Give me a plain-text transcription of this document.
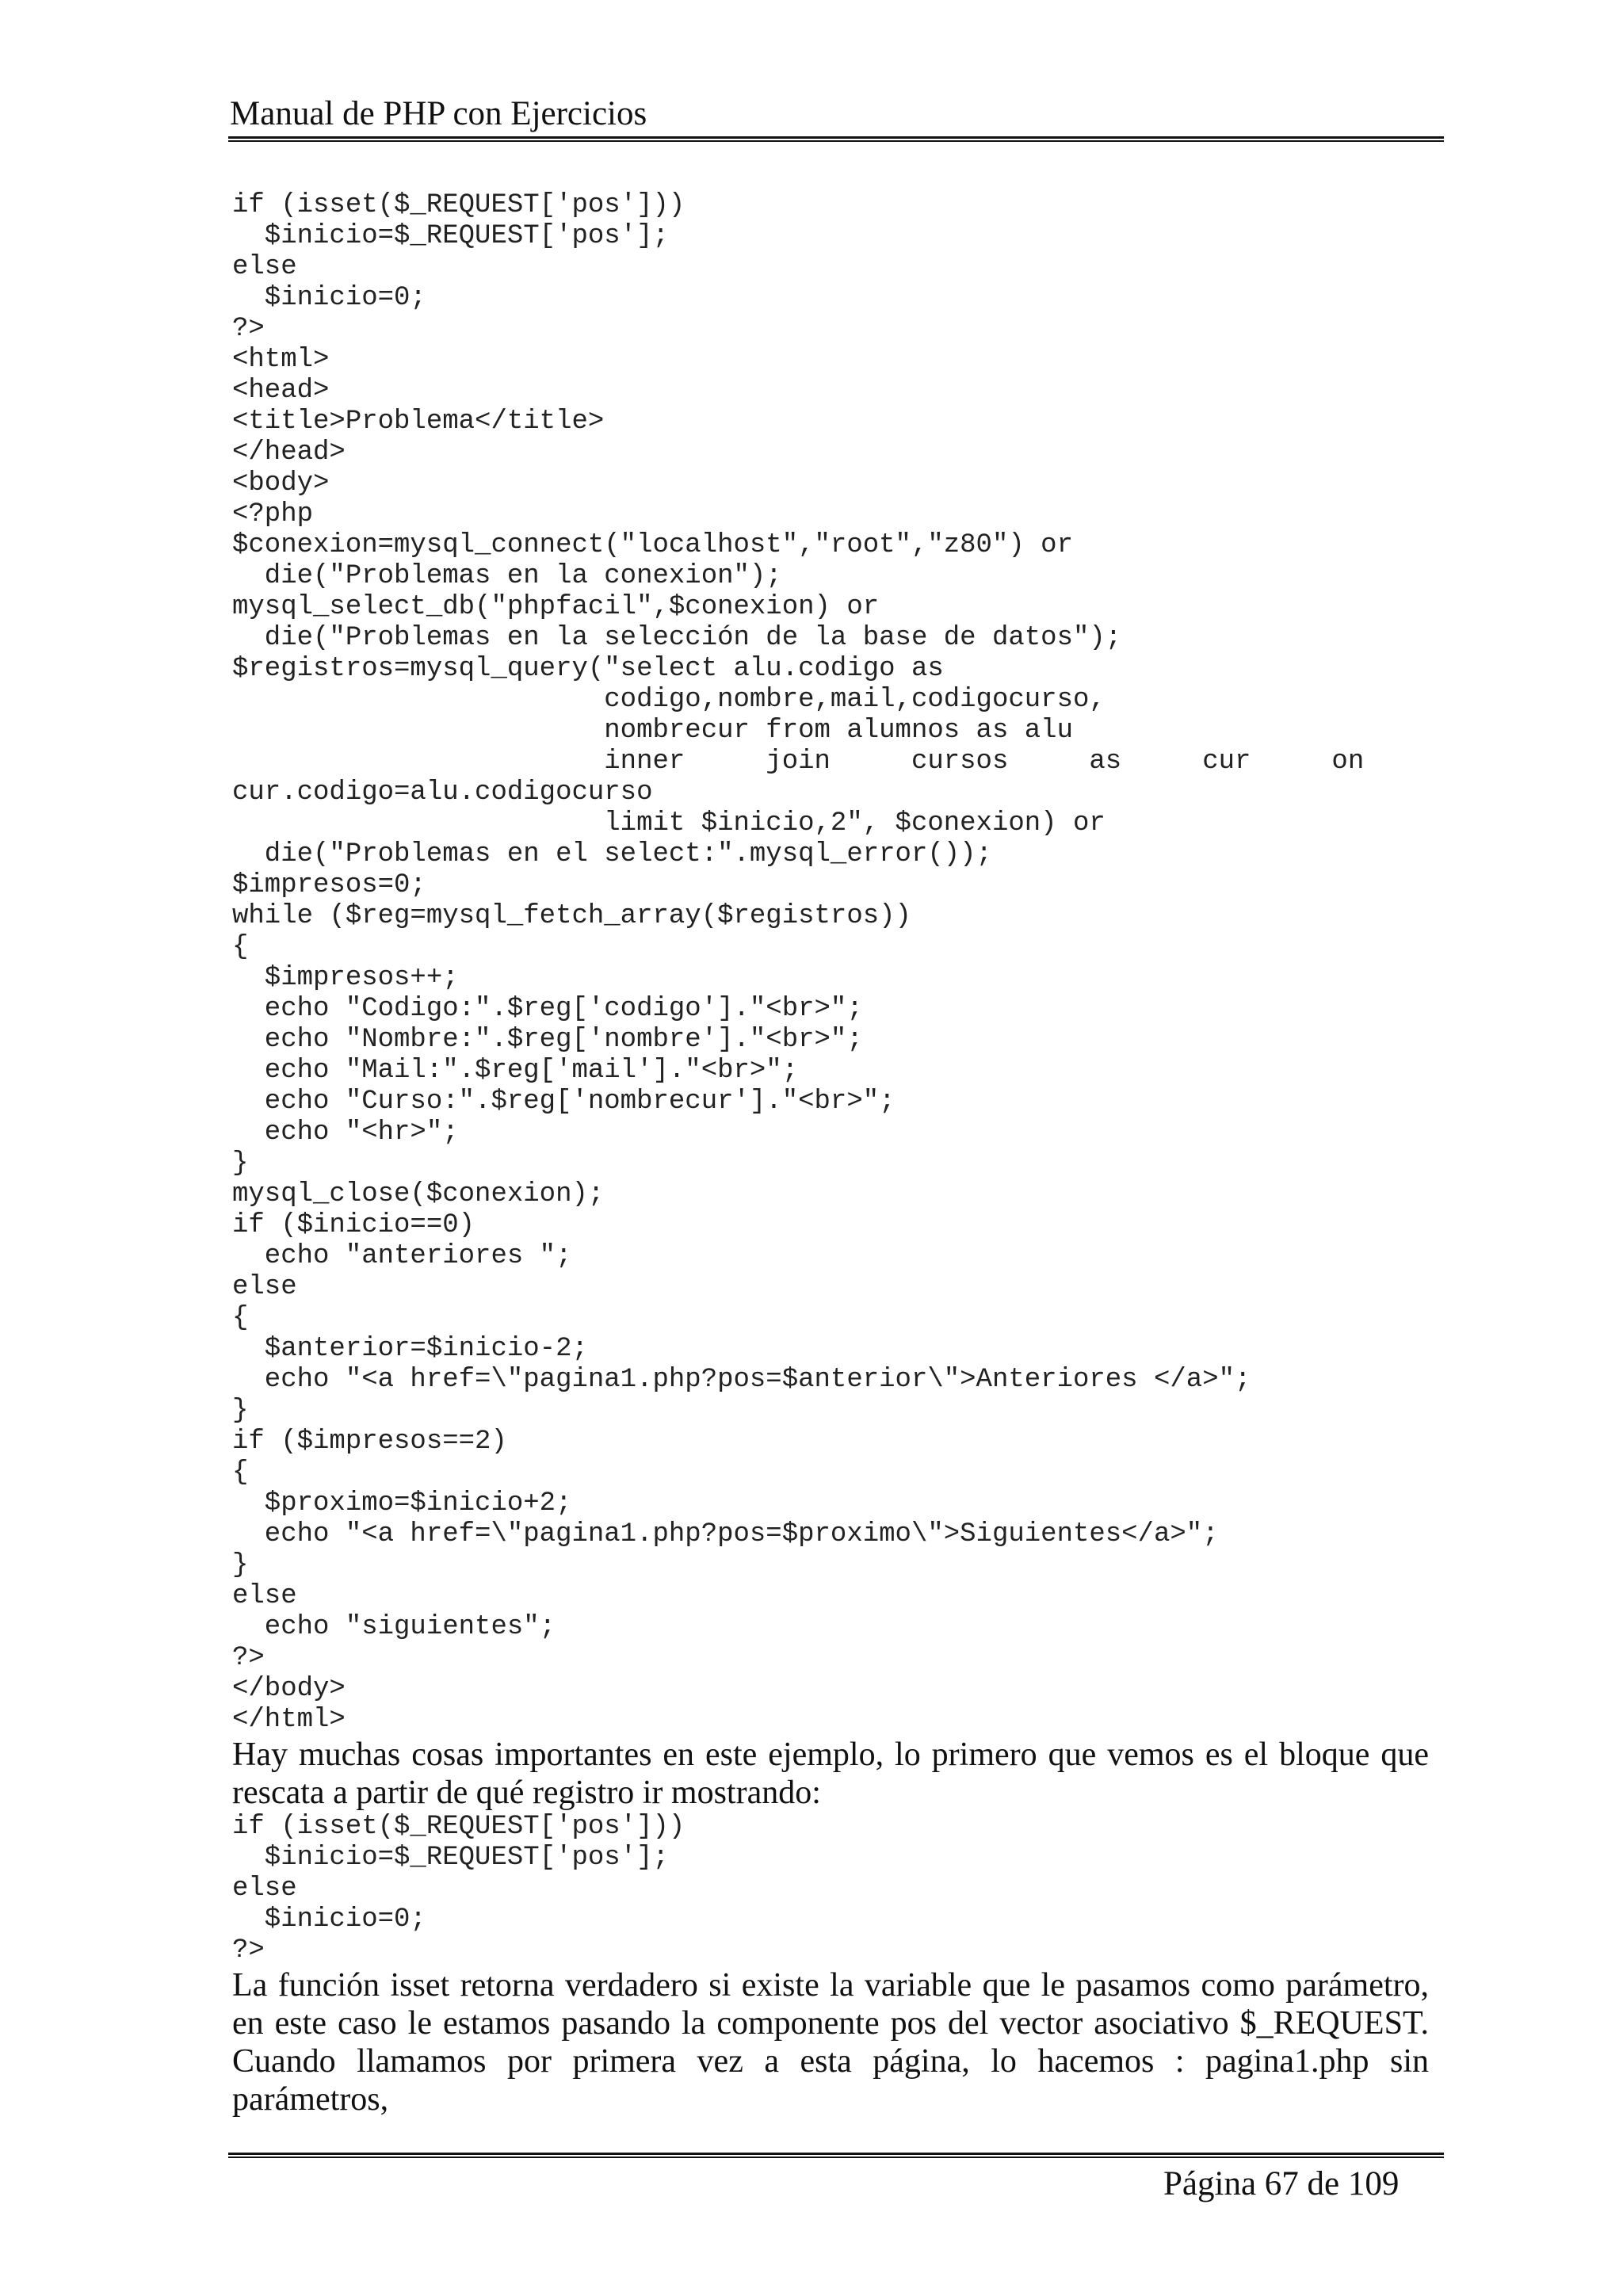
Manual de PHP con Ejercicios
if (isset($_REQUEST['pos']))
$inicio=$_REQUEST['pos'];
else
$inicio=0;
?>
<html>
<head>
<title>Problema</title>
</head>
<body>
<?php
$conexion=mysql_connect("localhost","root","z80") or
die("Problemas en la conexion");
mysql_select_db("phpfacil",$conexion) or
die("Problemas en la selección de la base de datos");
$registros=mysql_query("select alu.codigo as
codigo,nombre,mail,codigocurso,
nombrecur from alumnos as alu
inner     join     cursos     as     cur     on
cur.codigo=alu.codigocurso
limit $inicio,2", $conexion) or
die("Problemas en el select:".mysql_error());
$impresos=0;
while ($reg=mysql_fetch_array($registros))
{
$impresos++;
echo "Codigo:".$reg['codigo']."<br>";
echo "Nombre:".$reg['nombre']."<br>";
echo "Mail:".$reg['mail']."<br>";
echo "Curso:".$reg['nombrecur']."<br>";
echo "<hr>";
}
mysql_close($conexion);
if ($inicio==0)
echo "anteriores ";
else
{
$anterior=$inicio-2;
echo "<a href=\"pagina1.php?pos=$anterior\">Anteriores </a>";
}
if ($impresos==2)
{
$proximo=$inicio+2;
echo "<a href=\"pagina1.php?pos=$proximo\">Siguientes</a>";
}
else
echo "siguientes";
?>
</body>
</html>

Hay muchas cosas importantes en este ejemplo, lo primero que vemos es el bloque que rescata a partir de qué registro ir mostrando:

if (isset($_REQUEST['pos']))
$inicio=$_REQUEST['pos'];
else
$inicio=0;
?>

La función isset retorna verdadero si existe la variable que le pasamos como parámetro, en este caso le estamos pasando la componente pos del vector asociativo $_REQUEST. Cuando llamamos por primera vez a esta página, lo hacemos : pagina1.php sin parámetros,

Página 67 de 109
